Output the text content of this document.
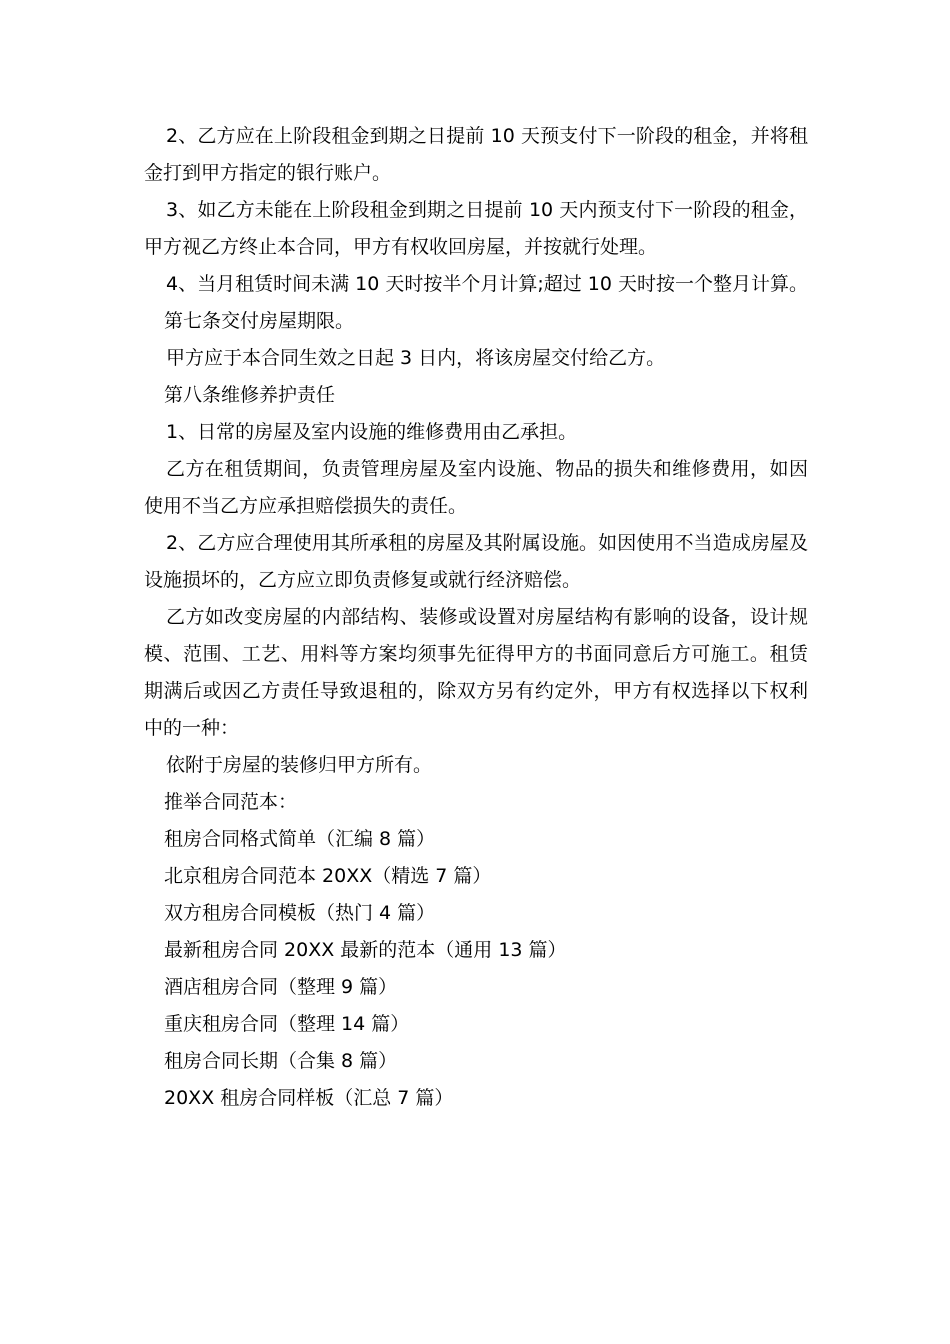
2、乙方应在上阶段租金到期之日提前 10 天预支付下一阶段的租金，并将租金打到甲方指定的银行账户。

3、如乙方未能在上阶段租金到期之日提前 10 天内预支付下一阶段的租金，甲方视乙方终止本合同，甲方有权收回房屋，并按就行处理。

4、当月租赁时间未满 10 天时按半个月计算;超过 10 天时按一个整月计算。

第七条交付房屋期限。

甲方应于本合同生效之日起 3 日内，将该房屋交付给乙方。

第八条维修养护责任

1、日常的房屋及室内设施的维修费用由乙承担。

乙方在租赁期间，负责管理房屋及室内设施、物品的损失和维修费用，如因使用不当乙方应承担赔偿损失的责任。

2、乙方应合理使用其所承租的房屋及其附属设施。如因使用不当造成房屋及设施损坏的，乙方应立即负责修复或就行经济赔偿。

乙方如改变房屋的内部结构、装修或设置对房屋结构有影响的设备，设计规模、范围、工艺、用料等方案均须事先征得甲方的书面同意后方可施工。租赁期满后或因乙方责任导致退租的，除双方另有约定外，甲方有权选择以下权利中的一种：

依附于房屋的装修归甲方所有。

推举合同范本：

租房合同格式简单（汇编 8 篇）

北京租房合同范本 20XX（精选 7 篇）

双方租房合同模板（热门 4 篇）

最新租房合同 20XX 最新的范本（通用 13 篇）

酒店租房合同（整理 9 篇）

重庆租房合同（整理 14 篇）

租房合同长期（合集 8 篇）

20XX 租房合同样板（汇总 7 篇）
